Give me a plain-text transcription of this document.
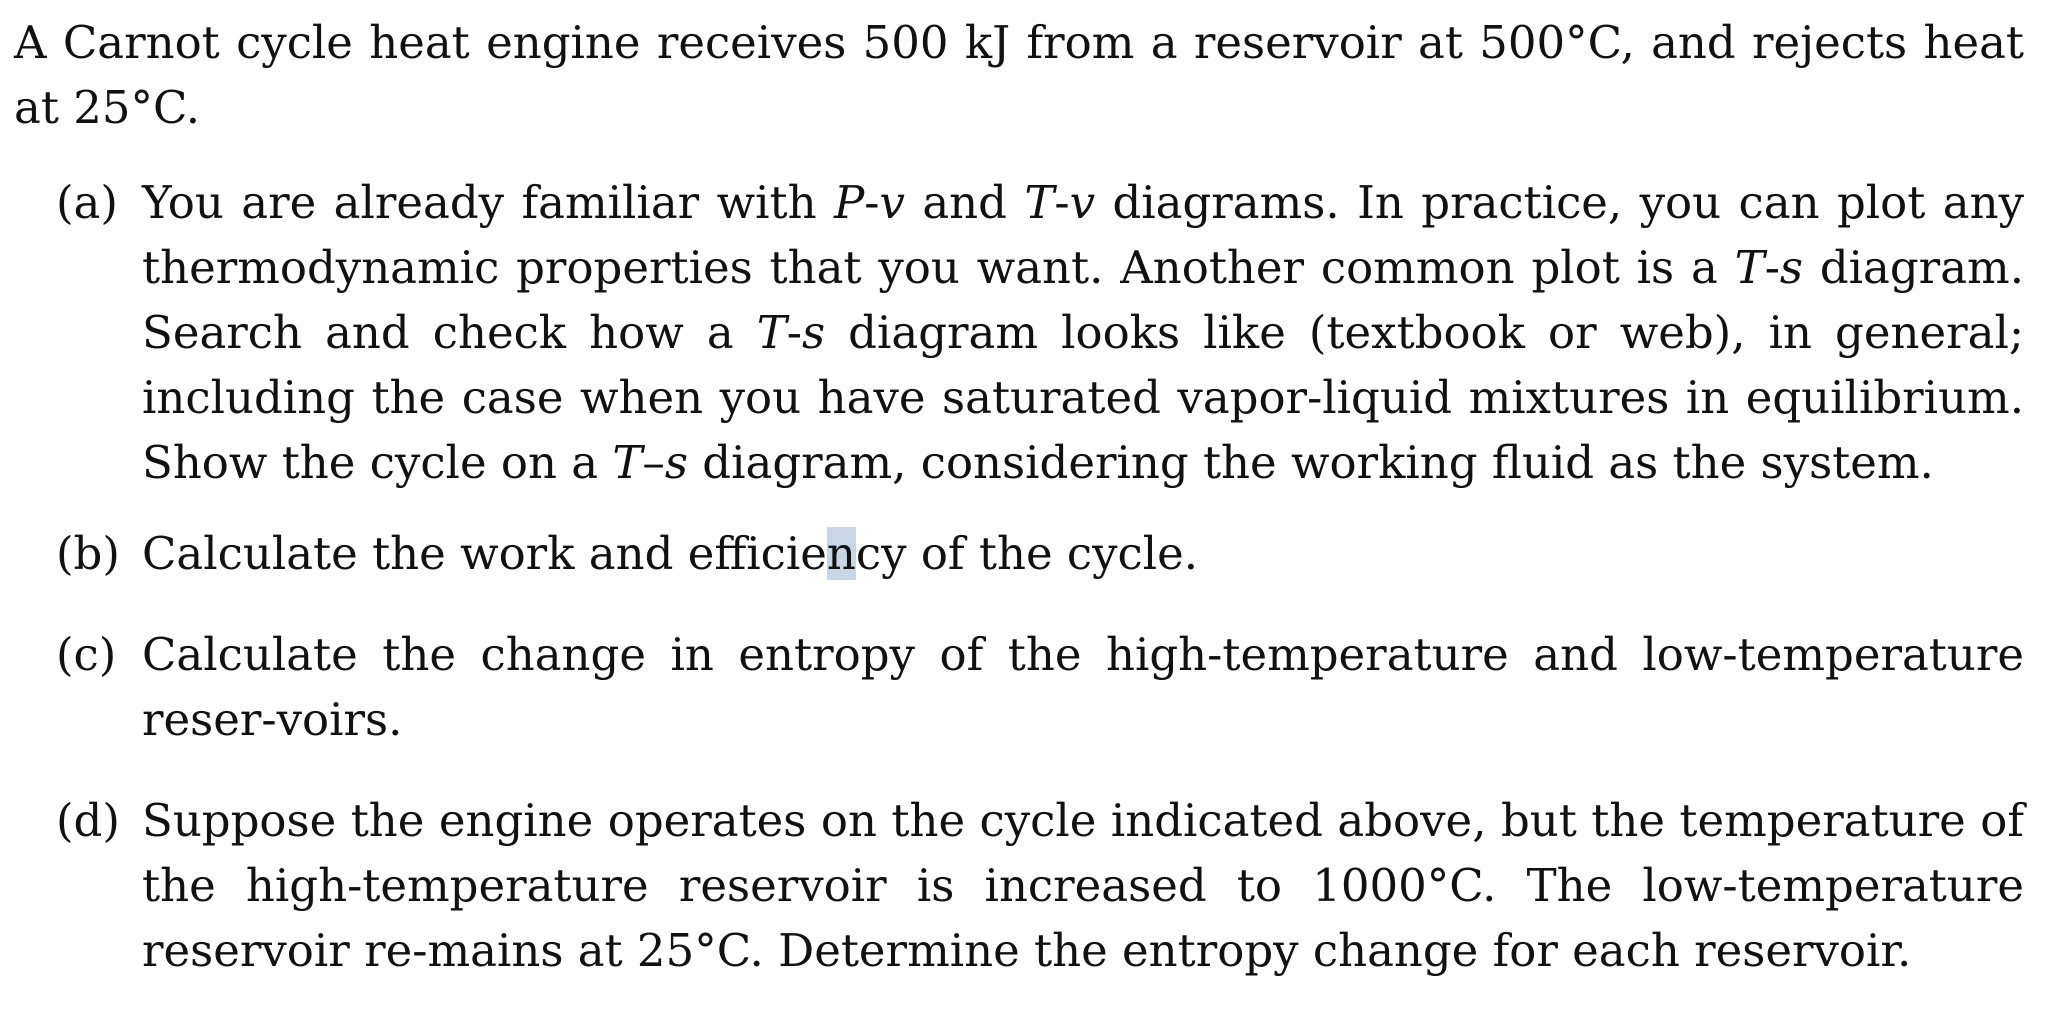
A Carnot cycle heat engine receives 500 kJ from a reservoir at 500°C, and rejects heat at 25°C.

(a) You are already familiar with P-v and T-v diagrams. In practice, you can plot any thermodynamic properties that you want. Another common plot is a T-s diagram. Search and check how a T-s diagram looks like (textbook or web), in general; including the case when you have saturated vapor-liquid mixtures in equilibrium. Show the cycle on a T–s diagram, considering the working fluid as the system.
(b) Calculate the work and efficiency of the cycle.
(c) Calculate the change in entropy of the high-temperature and low-temperature reser-voirs.
(d) Suppose the engine operates on the cycle indicated above, but the temperature of the high-temperature reservoir is increased to 1000°C. The low-temperature reservoir re-mains at 25°C. Determine the entropy change for each reservoir.
